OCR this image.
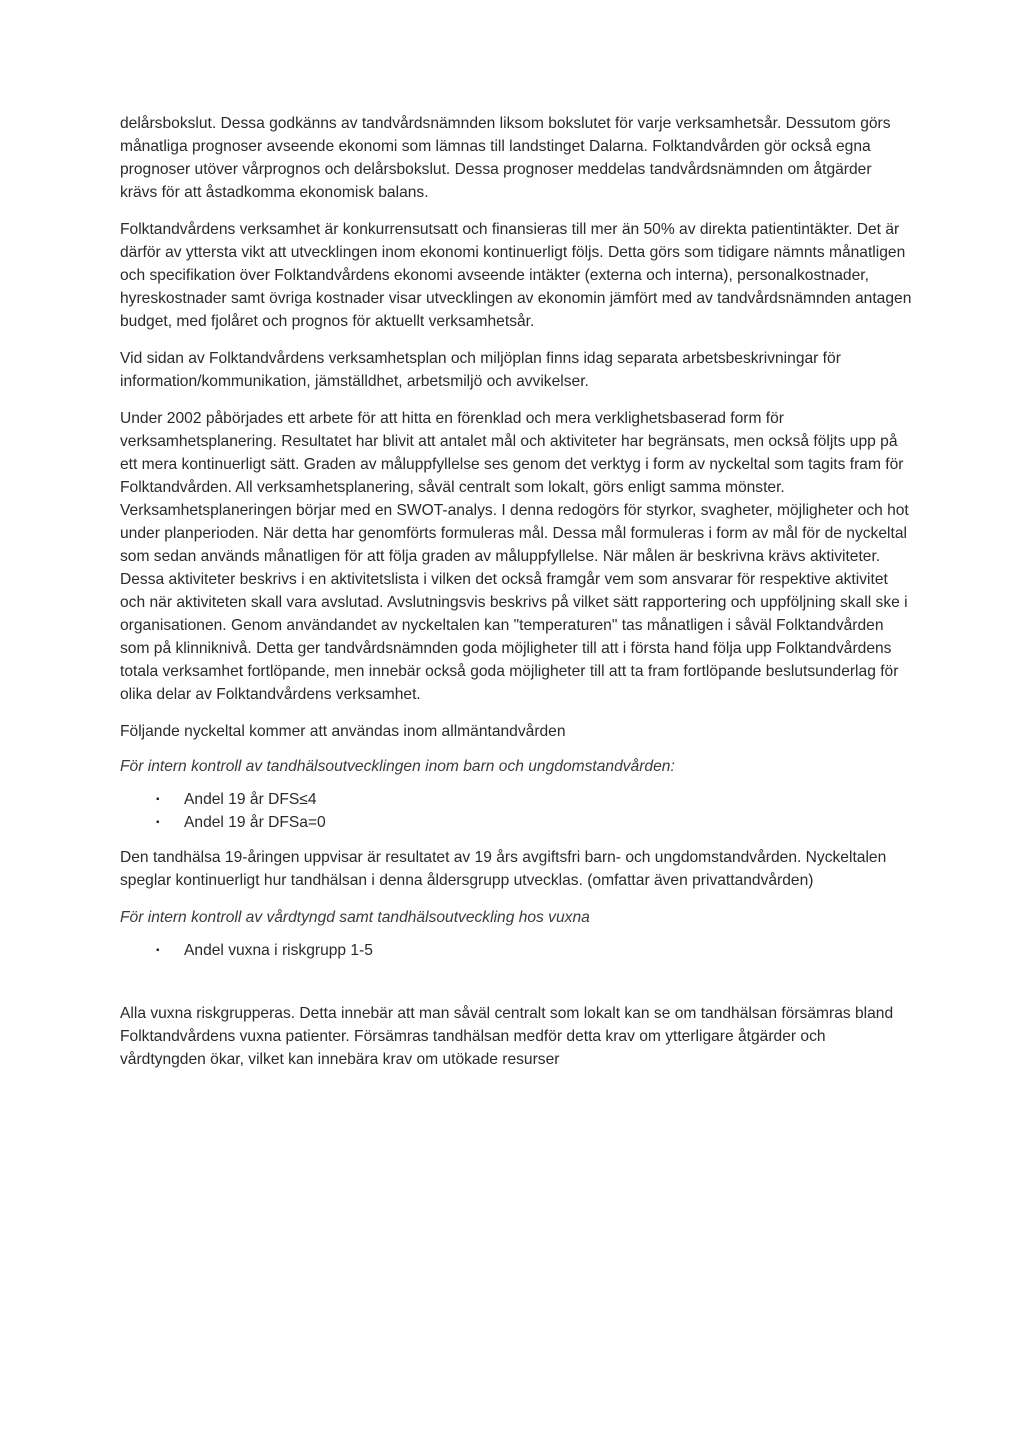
delårsbokslut. Dessa godkänns av tandvårdsnämnden liksom bokslutet för varje verksamhetsår. Dessutom görs månatliga prognoser avseende ekonomi som lämnas till landstinget Dalarna. Folktandvården gör också egna prognoser utöver vårprognos och delårsbokslut. Dessa prognoser meddelas tandvårdsnämnden om åtgärder krävs för att åstadkomma ekonomisk balans.

Folktandvårdens verksamhet är konkurrensutsatt och finansieras till mer än 50% av direkta patientintäkter. Det är därför av yttersta vikt att utvecklingen inom ekonomi kontinuerligt följs. Detta görs som tidigare nämnts månatligen och specifikation över Folktandvårdens ekonomi avseende intäkter (externa och interna), personalkostnader, hyreskostnader samt övriga kostnader visar utvecklingen av ekonomin jämfört med av tandvårdsnämnden antagen budget, med fjolåret och prognos för aktuellt verksamhetsår.

Vid sidan av Folktandvårdens verksamhetsplan och miljöplan finns idag separata arbetsbeskrivningar för information/kommunikation, jämställdhet, arbetsmiljö och avvikelser.

Under 2002 påbörjades ett arbete för att hitta en förenklad och mera verklighetsbaserad form för verksamhetsplanering. Resultatet har blivit att antalet mål och aktiviteter har begränsats, men också följts upp på ett mera kontinuerligt sätt. Graden av måluppfyllelse ses genom det verktyg i form av nyckeltal som tagits fram för Folktandvården. All verksamhetsplanering, såväl centralt som lokalt, görs enligt samma mönster. Verksamhetsplaneringen börjar med en SWOT-analys. I denna redogörs för styrkor, svagheter, möjligheter och hot under planperioden. När detta har genomförts formuleras mål. Dessa mål formuleras i form av mål för de nyckeltal som sedan används månatligen för att följa graden av måluppfyllelse. När målen är beskrivna krävs aktiviteter. Dessa aktiviteter beskrivs i en aktivitetslista i vilken det också framgår vem som ansvarar för respektive aktivitet och när aktiviteten skall vara avslutad. Avslutningsvis beskrivs på vilket sätt rapportering och uppföljning skall ske i organisationen. Genom användandet av nyckeltalen kan "temperaturen" tas månatligen i såväl Folktandvården som på klinniknivå. Detta ger tandvårdsnämnden goda möjligheter till att i första hand följa upp Folktandvårdens totala verksamhet fortlöpande, men innebär också goda möjligheter till att ta fram fortlöpande beslutsunderlag för olika delar av Folktandvårdens verksamhet.

Följande nyckeltal kommer att användas inom allmäntandvården

För intern kontroll av tandhälsoutvecklingen inom barn och ungdomstandvården:

▪ Andel 19 år DFS≤4
▪ Andel 19 år DFSa=0

Den tandhälsa 19-åringen uppvisar är resultatet av 19 års avgiftsfri barn- och ungdomstandvården. Nyckeltalen speglar kontinuerligt hur tandhälsan i denna åldersgrupp utvecklas. (omfattar även privattandvården)

För intern kontroll av vårdtyngd samt tandhälsoutveckling hos vuxna

▪ Andel vuxna i riskgrupp 1-5

Alla vuxna riskgrupperas. Detta innebär att man såväl centralt som lokalt kan se om tandhälsan försämras bland Folktandvårdens vuxna patienter. Försämras tandhälsan medför detta krav om ytterligare åtgärder och vårdtyngden ökar, vilket kan innebära krav om utökade resurser
